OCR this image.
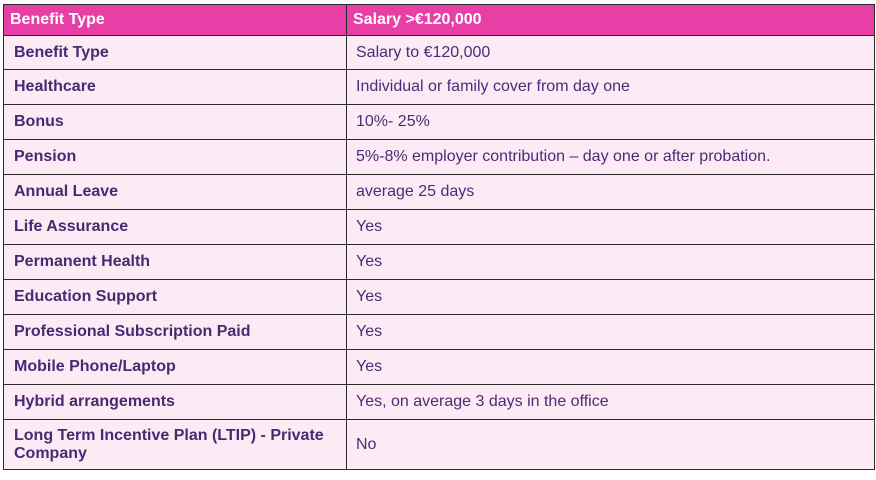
Benefit Type	Salary >€120,000
Benefit Type	Salary to €120,000
Healthcare	Individual or family cover from day one
Bonus	10%- 25%
Pension	5%-8% employer contribution – day one or after probation.
Annual Leave	average 25 days
Life Assurance	Yes
Permanent Health	Yes
Education Support	Yes
Professional Subscription Paid	Yes
Mobile Phone/Laptop	Yes
Hybrid arrangements	Yes, on average 3 days in the office

Long Term Incentive Plan (LTIP) - Private Company	No
